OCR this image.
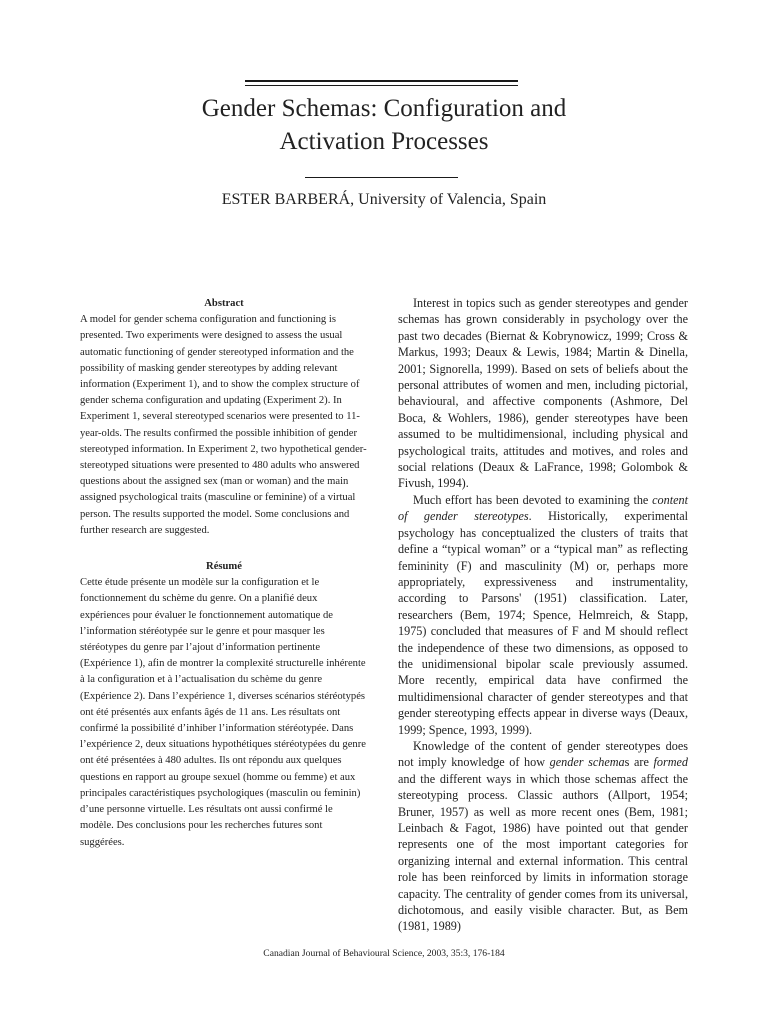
Gender Schemas: Configuration and
Activation Processes
ESTER BARBERÁ, University of Valencia, Spain

Abstract

A model for gender schema configuration and functioning is presented. Two experiments were designed to assess the usual automatic functioning of gender stereotyped information and the possibility of masking gender stereotypes by adding relevant information (Experiment 1), and to show the complex structure of gender schema configuration and updating (Experiment 2). In Experiment 1, several stereotyped scenarios were presented to 11-year-olds. The results confirmed the possible inhibition of gender stereotyped information. In Experiment 2, two hypothetical gender-stereotyped situations were presented to 480 adults who answered questions about the assigned sex (man or woman) and the main assigned psychological traits (masculine or feminine) of a virtual person. The results supported the model. Some conclusions and further research are suggested.

Résumé

Cette étude présente un modèle sur la configuration et le fonctionnement du schème du genre. On a planifié deux expériences pour évaluer le fonctionnement automatique de l’information stéréotypée sur le genre et pour masquer les stéréotypes du genre par l’ajout d’information pertinente (Expérience 1), afin de montrer la complexité structurelle inhérente à la configuration et à l’actualisation du schème du genre (Expérience 2). Dans l’expérience 1, diverses scénarios stéréotypés ont été présentés aux enfants âgés de 11 ans. Les résultats ont confirmé la possibilité d’inhiber l’information stéréotypée. Dans l’expérience 2, deux situations hypothétiques stéréotypées du genre ont été présentées à 480 adultes. Ils ont répondu aux quelques questions en rapport au groupe sexuel (homme ou femme) et aux principales caractéristiques psychologiques (masculin ou feminin) d’une personne virtuelle. Les résultats ont aussi confirmé le modèle. Des conclusions pour les recherches futures sont suggérées.

Interest in topics such as gender stereotypes and gender schemas has grown considerably in psychology over the past two decades (Biernat & Kobrynowicz, 1999; Cross & Markus, 1993; Deaux & Lewis, 1984; Martin & Dinella, 2001; Signorella, 1999). Based on sets of beliefs about the personal attributes of women and men, including pictorial, behavioural, and affective components (Ashmore, Del Boca, & Wohlers, 1986), gender stereotypes have been assumed to be multidimensional, including physical and psychological traits, attitudes and motives, and roles and social relations (Deaux & LaFrance, 1998; Golombok & Fivush, 1994).

Much effort has been devoted to examining the content of gender stereotypes. Historically, experimental psychology has conceptualized the clusters of traits that define a “typical woman” or a “typical man” as reflecting femininity (F) and masculinity (M) or, perhaps more appropriately, expressiveness and instrumentality, according to Parsons' (1951) classification. Later, researchers (Bem, 1974; Spence, Helmreich, & Stapp, 1975) concluded that measures of F and M should reflect the independence of these two dimensions, as opposed to the unidimensional bipolar scale previously assumed. More recently, empirical data have confirmed the multidimensional character of gender stereotypes and that gender stereotyping effects appear in diverse ways (Deaux, 1999; Spence, 1993, 1999).

Knowledge of the content of gender stereotypes does not imply knowledge of how gender schemas are formed and the different ways in which those schemas affect the stereotyping process. Classic authors (Allport, 1954; Bruner, 1957) as well as more recent ones (Bem, 1981; Leinbach & Fagot, 1986) have pointed out that gender represents one of the most important categories for organizing internal and external information. This central role has been reinforced by limits in information storage capacity. The centrality of gender comes from its universal, dichotomous, and easily visible character. But, as Bem (1981, 1989)

Canadian Journal of Behavioural Science, 2003, 35:3, 176-184
